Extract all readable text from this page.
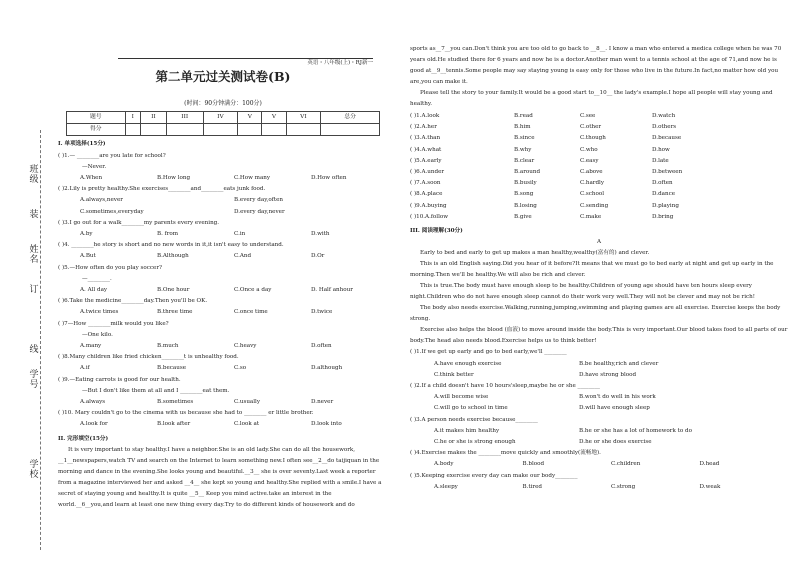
班级
装
姓名
订
线
学号
学校
英语・八年级(上)・RJ新一
第二单元过关测试卷(B)
(时间：90分钟满分：100分)
题号	I	II	III	IV	V	V	VI	总分
得分								
I. 单项选择(15分)
( )1.— ________are you late for school?
—Never.
A.When	B.How long	C.How many	D.How often
( )2.Lily is pretty healthy.She exercises________and________eats junk food.
A.always,never	B.every day,often
C.sometimes,everyday	D.every day,never
( )3.I go out for a walk________my parents every evening.
A.by	B. from	C.in	D.with
( )4. ________he story is short and no new words in it,it isn't easy to understand.
A.But	B.Although	C.And	D.Or
( )5.—How often do you play soccer?
—________.
A. All day	B.One hour	C.Once a day	D. Half anhour
( )6.Take the medicine________day.Then you'll be OK.
A.twice times	B.three time	C.once time	D.twice
( )7—How ________milk would you like?
—One kilo.
A.many	B.much	C.heavy	D.often
( )8.Many children like fried chicken________t is unhealthy food.
A.if	B.because	C.so	D.although
( )9.—Eating carrots is good for our health.
—But I don't like them at all and I ________eat them.
A.always	B.sometimes	C.usually	D.never
( )10. Mary couldn't go to the cinema with us because she had to ________ er little brother.
A.look for	B.look after	C.look at	D.look into
II. 完形填空(15分)
It is very important to stay healthy.I have a neighbor.She is an old lady.She can do all the housework, __1__newspapers,watch TV and search on the Internet to learn something new.I often see__2__do taijiquan in the morning and dance in the evening.She looks young and beautiful.__3__ she is over seventy.Last week a reporter from a magazine interviewed her and asked __4__ she kept so young and healthy.She replied with a smile.I have a secret of staying young and healthy.It is quite __5__ Keep you mind active.take an interest in the world.__6__you,and learn at least one new thing every day.Try to do different kinds of housework and do
sports as__7__you can.Don't think you are too old to go back to __8__. I know a man who entered a medica college when he was 70 years old.He studied there for 6 years and now he is a doctor.Another man went to a tennis school at the age of 71,and now he is good at__9__tennis.Some people may say staying young is easy only for those who live in the future.In fact,no matter how old you are,you can make it.
Please tell the story to your family.It would be a good start to__10__ the lady's example.I hope all people will stay young and healthy.
( )1.A.look	B.read	C.see	D.watch
( )2.A.her	B.him	C.other	D.others
( )3.A.than	B.since	C.though	D.because
( )4.A.what	B.why	C.who	D.how
( )5.A.early	B.clear	C.easy	D.late
( )6.A.under	B.around	C.above	D.between
( )7.A.soon	B.busily	C.hardly	D.often
( )8.A.place	B.song	C.school	D.dance
( )9.A.buying	B.losing	C.sending	D.playing
( )10.A.follow	B.give	C.make	D.bring
III. 阅读理解(30分)
A
Early to bed and early to get up makes a man healthy,wealthy(富有的) and clever.
This is an old English saying.Did you hear of it before?It means that we must go to bed early at night and get up early in the morning.Then we'll be healthy.We will also be rich and clever.
This is true.The body must have enough sleep to be healthy.Children of young age should have ten hours sleep every night.Children who do not have enough sleep cannot do their work very well.They will not be clever and may not be rich!
The body also needs exercise.Walking,running,jumping,swimming and playing games are all exercise. Exercise keeps the body strong.
Exercise also helps the blood (血液) to move around inside the body.This is very important.Our blood takes food to all parts of our body.The head also needs blood.Exercise helps us to think better!
( )1.If we get up early and go to bed early,we'll ________
A.have enough exercise	B.be healthy,rich and clever
C.think better	D.have strong blood
( )2.If a child doesn't have 10 hours'sleep,maybe he or she ________
A.will become wise	B.won't do well in his work
C.will go to school in time	D.will have enough sleep
( )3.A person needs exercise because________
A.it makes him healthy	B.he or she has a lot of homework to do
C.he or she is strong enough	D.he or she does exercise
( )4.Exercise makes the ________move quickly and smoothly(流畅地).
A.body	B.blood	C.children	D.head
( )5.Keeping exercise every day can make our body________
A.sleepy	B.tired	C.strong	D.weak
